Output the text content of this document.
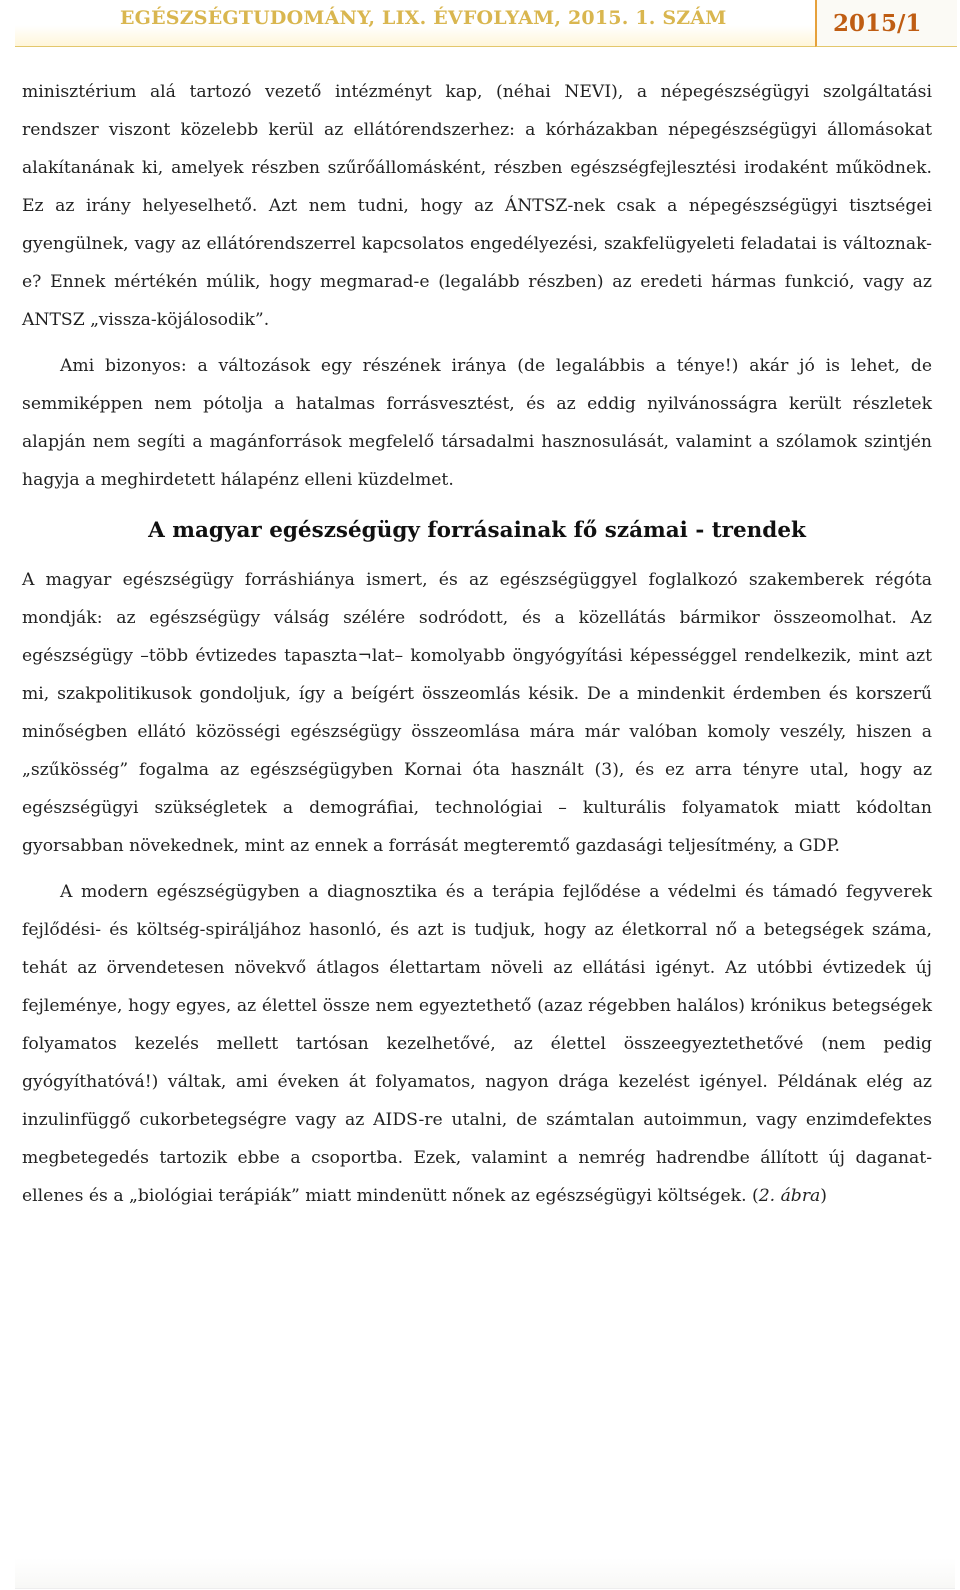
EGÉSZSÉGTUDOMÁNY, LIX. ÉVFOLYAM, 2015. 1. SZÁM	2015/1

minisztérium alá tartozó vezető intézményt kap, (néhai NEVI), a népegészségügyi szolgáltatási rendszer viszont közelebb kerül az ellátórendszerhez: a kórházakban népegészségügyi állomásokat alakítanának ki, amelyek részben szűrőállomásként, részben egészségfejlesztési irodaként működnek. Ez az irány helyeselhető. Azt nem tudni, hogy az ÁNTSZ-nek csak a népegészségügyi tisztségei gyengülnek, vagy az ellátórendszerrel kapcsolatos engedélyezési, szakfelügyeleti feladatai is változnak-e? Ennek mértékén múlik, hogy megmarad-e (legalább részben) az eredeti hármas funkció, vagy az ANTSZ „vissza-köjálosodik”.

Ami bizonyos: a változások egy részének iránya (de legalábbis a ténye!) akár jó is lehet, de semmiképpen nem pótolja a hatalmas forrásvesztést, és az eddig nyilvánosságra került részletek alapján nem segíti a magánforrások megfelelő társadalmi hasznosulását, valamint a szólamok szintjén hagyja a meghirdetett hálapénz elleni küzdelmet.

A magyar egészségügy forrásainak fő számai - trendek

A magyar egészségügy forráshiánya ismert, és az egészségüggyel foglalkozó szakemberek régóta mondják: az egészségügy válság szélére sodródott, és a közellátás bármikor összeomolhat. Az egészségügy –több évtizedes tapaszta¬lat– komolyabb öngyógyítási képességgel rendelkezik, mint azt mi, szakpolitikusok gondoljuk, így a beígért összeomlás késik. De a mindenkit érdemben és korszerű minőségben ellátó közösségi egészségügy összeomlása mára már valóban komoly veszély, hiszen a „szűkösség” fogalma az egészségügyben Kornai óta használt (3), és ez arra tényre utal, hogy az egészségügyi szükségletek a demográfiai, technológiai – kulturális folyamatok miatt kódoltan gyorsabban növekednek, mint az ennek a forrását megteremtő gazdasági teljesítmény, a GDP.

A modern egészségügyben a diagnosztika és a terápia fejlődése a védelmi és támadó fegyverek fejlődési- és költség-spiráljához hasonló, és azt is tudjuk, hogy az életkorral nő a betegségek száma, tehát az örvendetesen növekvő átlagos élettartam növeli az ellátási igényt. Az utóbbi évtizedek új fejleménye, hogy egyes, az élettel össze nem egyeztethető (azaz régebben halálos) krónikus betegségek folyamatos kezelés mellett tartósan kezelhetővé, az élettel összeegyeztethetővé (nem pedig gyógyíthatóvá!) váltak, ami éveken át folyamatos, nagyon drága kezelést igényel. Példának elég az inzulinfüggő cukorbetegségre vagy az AIDS-re utalni, de számtalan autoimmun, vagy enzimdefektes megbetegedés tartozik ebbe a csoportba. Ezek, valamint a nemrég hadrendbe állított új daganat-ellenes és a „biológiai terápiák” miatt mindenütt nőnek az egészségügyi költségek. (2. ábra)
